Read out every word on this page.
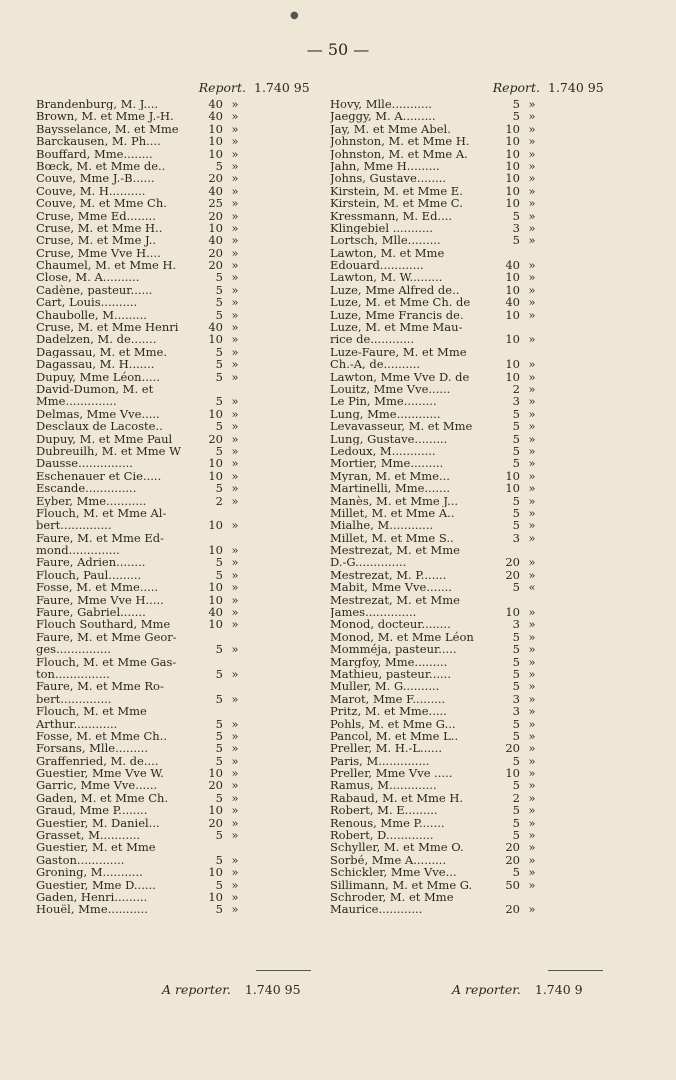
●
— 50 —
Report. 1.740 95
Brandenburg, M. J....	40 »
Brown, M. et Mme J.-H.	40 »
Baysselance, M. et Mme	10 »
Barckausen, M. Ph....	10 »
Bouffard, Mme........	10 »
Bœck, M. et Mme de..	5 »
Couve, Mme J.-B......	20 »
Couve, M. H..........	40 »
Couve, M. et Mme Ch.	25 »
Cruse, Mme Ed........	20 »
Cruse, M. et Mme H..	10 »
Cruse, M. et Mme J..	40 »
Cruse, Mme Vve H....	20 »
Chaumel, M. et Mme H.	20 »
Close, M. A..........	5 »
Cadène, pasteur......	5 »
Cart, Louis..........	5 »
Chaubolle, M.........	5 »
Cruse, M. et Mme Henri	40 »
Dadelzen, M. de.......	10 »
Dagassau, M. et Mme.	5 »
Dagassau, M. H.......	5 »
Dupuy, Mme Léon.....	5 »
David-Dumon, M. et
Mme..............	5 »
Delmas, Mme Vve.....	10 »
Desclaux de Lacoste..	5 »
Dupuy, M. et Mme Paul	20 »
Dubreuilh, M. et Mme W	5 »
Dausse...............	10 »
Eschenauer et Cie.....	10 »
Escande..............	5 »
Eyber, Mme...........	2 »
Flouch, M. et Mme Al-
bert..............	10 »
Faure, M. et Mme Ed-
mond..............	10 »
Faure, Adrien........	5 »
Flouch, Paul.........	5 »
Fosse, M. et Mme.....	10 »
Faure, Mme Vve H.....	10 »
Faure, Gabriel.......	40 »
Flouch Southard, Mme	10 »
Faure, M. et Mme Geor-
ges...............	5 »
Flouch, M. et Mme Gas-
ton...............	5 »
Faure, M. et Mme Ro-
bert..............	5 »
Flouch, M. et Mme
Arthur............	5 »
Fosse, M. et Mme Ch..	5 »
Forsans, Mlle.........	5 »
Graffenried, M. de....	5 »
Guestier, Mme Vve W.	10 »
Garric, Mme Vve......	20 »
Gaden, M. et Mme Ch.	5 »
Graud, Mme P........	10 »
Guestier, M. Daniel...	20 »
Grasset, M...........	5 »
Guestier, M. et Mme
Gaston.............	5 »
Groning, M...........	10 »
Guestier, Mme D......	5 »
Gaden, Henri.........	10 »
Houël, Mme...........	5 »
Report. 1.740 95
Hovy, Mlle...........	5 »
Jaeggy, M. A.........	5 »
Jay, M. et Mme Abel.	10 »
Johnston, M. et Mme H.	10 »
Johnston, M. et Mme A.	10 »
Jahn, Mme H.........	10 »
Johns, Gustave........	10 »
Kirstein, M. et Mme E.	10 »
Kirstein, M. et Mme C.	10 »
Kressmann, M. Ed....	5 »
Klingebiel ...........	3 »
Lortsch, Mlle.........	5 »
Lawton, M. et Mme
Edouard............	40 »
Lawton, M. W.........	10 »
Luze, Mme Alfred de..	10 »
Luze, M. et Mme Ch. de	40 »
Luze, Mme Francis de.	10 »
Luze, M. et Mme Mau-
rice de............	10 »
Luze-Faure, M. et Mme
Ch.-A, de..........	10 »
Lawton, Mme Vve D. de	10 »
Louitz, Mme Vve......	2 »
Le Pin, Mme.........	3 »
Lung, Mme............	5 »
Levavasseur, M. et Mme	5 »
Lung, Gustave.........	5 »
Ledoux, M............	5 »
Mortier, Mme.........	5 »
Myran, M. et Mme...	10 »
Martinelli, Mme.......	10 »
Manès, M. et Mme J...	5 »
Millet, M. et Mme A..	5 »
Mialhe, M............	5 »
Millet, M. et Mme S..	3 »
Mestrezat, M. et Mme
D.-G..............	20 »
Mestrezat, M. P.......	20 »
Mabit, Mme Vve.......	5 «
Mestrezat, M. et Mme
James..............	10 »
Monod, docteur........	3 »
Monod, M. et Mme Léon	5 »
Momméja, pasteur.....	5 »
Margfoy, Mme.........	5 »
Mathieu, pasteur......	5 »
Muller, M. G..........	5 »
Marot, Mme F.........	3 »
Pritz, M. et Mme.....	3 »
Pohls, M. et Mme G...	5 »
Pancol, M. et Mme L..	5 »
Preller, M. H.-L......	20 »
Paris, M..............	5 »
Preller, Mme Vve .....	10 »
Ramus, M.............	5 »
Rabaud, M. et Mme H.	2 »
Robert, M. E.........	5 »
Renous, Mme P.......	5 »
Robert, D.............	5 »
Schyller, M. et Mme O.	20 »
Sorbé, Mme A.........	20 »
Schickler, Mme Vve...	5 »
Sillimann, M. et Mme G.	50 »
Schroder, M. et Mme
Maurice............	20 »
A reporter. 1.740 95	A reporter. 1.740 9
